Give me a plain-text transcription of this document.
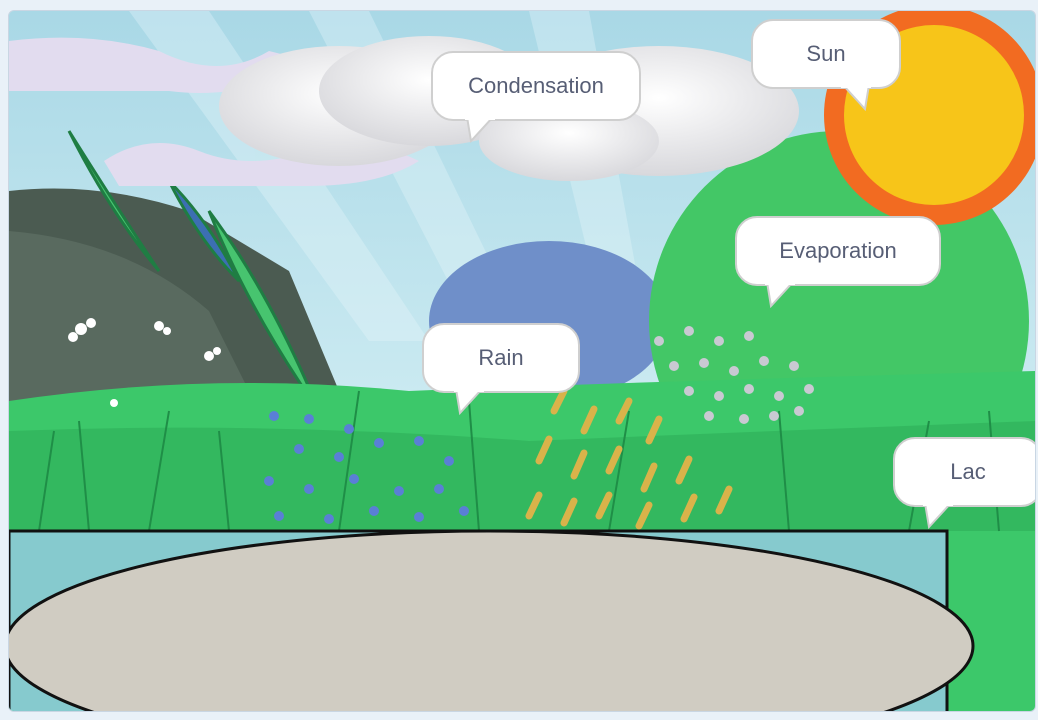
Condensation
Sun
Evaporation
Rain
Lac
